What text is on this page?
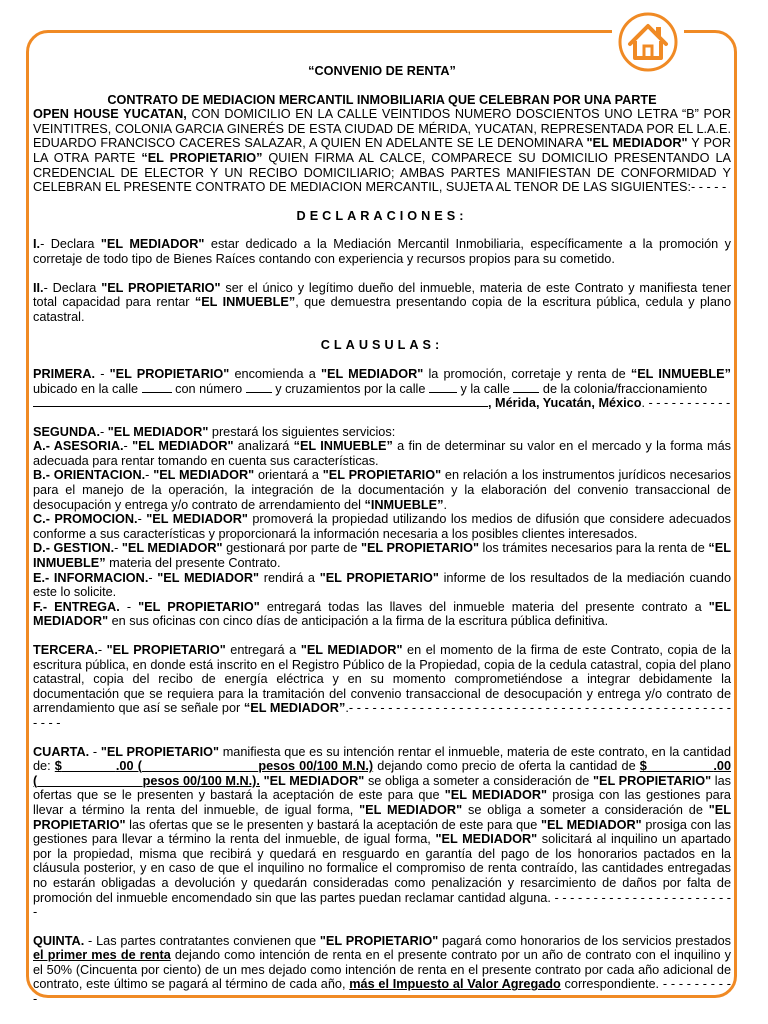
“CONVENIO DE RENTA”

CONTRATO DE MEDIACION MERCANTIL INMOBILIARIA QUE CELEBRAN POR UNA PARTE

OPEN HOUSE YUCATAN, CON DOMICILIO EN LA CALLE VEINTIDOS NUMERO DOSCIENTOS UNO LETRA “B” POR VEINTITRES, COLONIA GARCIA GINERÉS DE ESTA CIUDAD DE MÉRIDA, YUCATAN, REPRESENTADA POR EL L.A.E. EDUARDO FRANCISCO CACERES SALAZAR, A QUIEN EN ADELANTE SE LE DENOMINARA "EL MEDIADOR" Y POR LA OTRA PARTE “EL PROPIETARIO” QUIEN FIRMA AL CALCE, COMPARECE SU DOMICILIO PRESENTANDO LA CREDENCIAL DE ELECTOR Y UN RECIBO DOMICILIARIO; AMBAS PARTES MANIFIESTAN DE CONFORMIDAD Y CELEBRAN EL PRESENTE CONTRATO DE MEDIACION MERCANTIL, SUJETA AL TENOR DE LAS SIGUIENTES:- - - - -

DECLARACIONES:

I.- Declara "EL MEDIADOR" estar dedicado a la Mediación Mercantil Inmobiliaria, específicamente a la promoción y corretaje de todo tipo de Bienes Raíces contando con experiencia y recursos propios para su cometido.

II.- Declara "EL PROPIETARIO" ser el único y legítimo dueño del inmueble, materia de este Contrato y manifiesta tener total capacidad para rentar “EL INMUEBLE”, que demuestra presentando copia de la escritura pública, cedula y plano catastral.

CLAUSULAS:

PRIMERA. - "EL PROPIETARIO" encomienda a "EL MEDIADOR" la promoción, corretaje y renta de “EL INMUEBLE” ubicado en la calle  con número  y cruzamientos por la calle  y la calle  de la colonia/fraccionamiento
, Mérida, Yucatán, México. - - - - - - - - - - -

SEGUNDA.- "EL MEDIADOR" prestará los siguientes servicios:

A.- ASESORIA.- "EL MEDIADOR" analizará “EL INMUEBLE” a fin de determinar su valor en el mercado y la forma más adecuada para rentar tomando en cuenta sus características.

B.- ORIENTACION.- "EL MEDIADOR" orientará a "EL PROPIETARIO" en relación a los instrumentos jurídicos necesarios para el manejo de la operación, la integración de la documentación y la elaboración del convenio transaccional de desocupación y entrega y/o contrato de arrendamiento del “INMUEBLE”.

C.- PROMOCION.- "EL MEDIADOR" promoverá la propiedad utilizando los medios de difusión que considere adecuados conforme a sus características y proporcionará la información necesaria a los posibles clientes interesados.

D.- GESTION.- "EL MEDIADOR" gestionará por parte de "EL PROPIETARIO" los trámites necesarios para la renta de “EL INMUEBLE” materia del presente Contrato.

E.- INFORMACION.- "EL MEDIADOR" rendirá a "EL PROPIETARIO" informe de los resultados de la mediación cuando este lo solicite.

F.- ENTREGA. - "EL PROPIETARIO" entregará todas las llaves del inmueble materia del presente contrato a "EL MEDIADOR" en sus oficinas con cinco días de anticipación a la firma de la escritura pública definitiva.

TERCERA.- "EL PROPIETARIO" entregará a "EL MEDIADOR" en el momento de la firma de este Contrato, copia de la escritura pública, en donde está inscrito en el Registro Público de la Propiedad, copia de la cedula catastral, copia del plano catastral, copia del recibo de energía eléctrica y en su momento comprometiéndose a integrar debidamente la documentación que se requiera para la tramitación del convenio transaccional de desocupación y entrega y/o contrato de arrendamiento que así se señale por “EL MEDIADOR”.- - - - - - - - - - - - - - - - - - - - - - - - - - - - - - - - - - - - - - - - - - - - - - - - - - - - -

CUARTA. - "EL PROPIETARIO" manifiesta que es su intención rentar el inmueble, materia de este contrato, en la cantidad de: $	.00 (	pesos 00/100 M.N.) dejando como precio de oferta la cantidad de $	.00 (	pesos 00/100 M.N.). "EL MEDIADOR" se obliga a someter a consideración de "EL PROPIETARIO" las ofertas que se le presenten y bastará la aceptación de este para que "EL MEDIADOR" prosiga con las gestiones para llevar a término la renta del inmueble, de igual forma, "EL MEDIADOR" se obliga a someter a consideración de "EL PROPIETARIO" las ofertas que se le presenten y bastará la aceptación de este para que "EL MEDIADOR" prosiga con las gestiones para llevar a término la renta del inmueble, de igual forma, "EL MEDIADOR" solicitará al inquilino un apartado por la propiedad, misma que recibirá y quedará en resguardo en garantía del pago de los honorarios pactados en la cláusula posterior, y en caso de que el inquilino no formalice el compromiso de renta contraído, las cantidades entregadas no estarán obligadas a devolución y quedarán consideradas como penalización y resarcimiento de daños por falta de promoción del inmueble encomendado sin que las partes puedan reclamar cantidad alguna. - - - - - - - - - - - - - - - - - - - - - - - -

QUINTA. - Las partes contratantes convienen que "EL PROPIETARIO" pagará como honorarios de los servicios prestados el primer mes de renta dejando como intención de renta en el presente contrato por un año de contrato con el inquilino y el 50% (Cincuenta por ciento) de un mes dejado como intención de renta en el presente contrato por cada año adicional de contrato, este último se pagará al término de cada año, más el Impuesto al Valor Agregado correspondiente. - - - - - - - - - -
